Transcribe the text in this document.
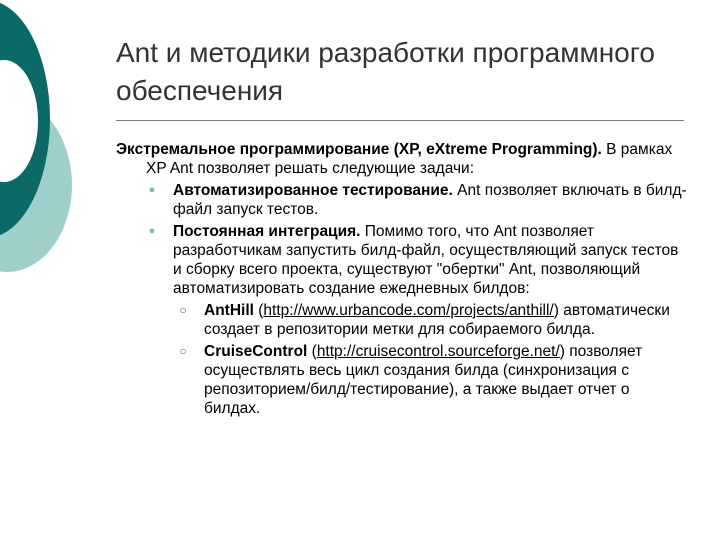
Ant и методики разработки программного обеспечения

Экстремальное программирование (XP, eXtreme Programming). В рамках XP Ant позволяет решать следующие задачи:

● Автоматизированное тестирование. Ant позволяет включать в билд-файл запуск тестов.
● Постоянная интеграция. Помимо того, что Ant позволяет разработчикам запустить билд-файл, осуществляющий запуск тестов и сборку всего проекта, существуют "обертки" Ant, позволяющий автоматизировать создание ежедневных билдов:
○ AntHill (http://www.urbancode.com/projects/anthill/) автоматически создает в репозитории метки для собираемого билда.
○ CruiseControl (http://cruisecontrol.sourceforge.net/) позволяет осуществлять весь цикл создания билда (синхронизация с репозиторием/билд/тестирование), а также выдает отчет о билдах.
